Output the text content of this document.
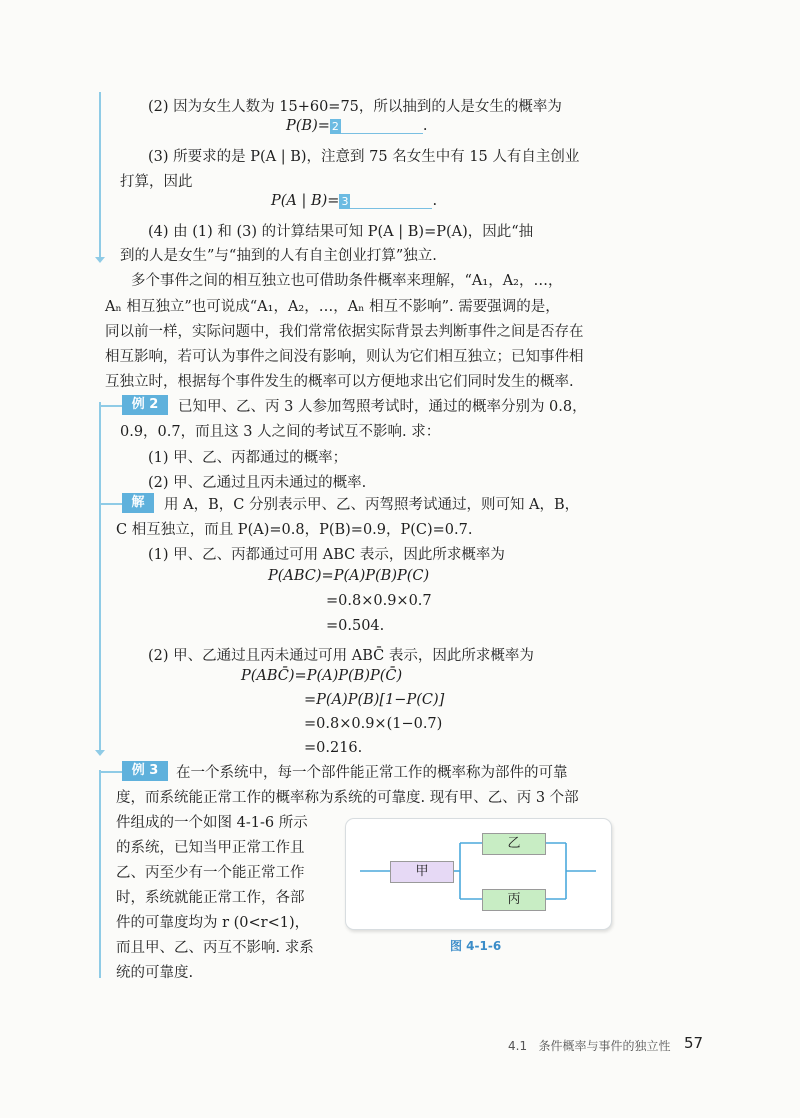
(2) 因为女生人数为 15+60=75，所以抽到的人是女生的概率为
P(B)= 2	.
(3) 所要求的是 P(A | B)，注意到 75 名女生中有 15 人有自主创业
打算，因此
P(A | B)= 3	.
(4) 由 (1) 和 (3) 的计算结果可知 P(A | B)=P(A)，因此“抽
到的人是女生”与“抽到的人有自主创业打算”独立.
多个事件之间的相互独立也可借助条件概率来理解，“A₁，A₂，…，
Aₙ 相互独立”也可说成“A₁，A₂，…，Aₙ 相互不影响”. 需要强调的是，
同以前一样，实际问题中，我们常常依据实际背景去判断事件之间是否存在
相互影响，若可认为事件之间没有影响，则认为它们相互独立；已知事件相
互独立时，根据每个事件发生的概率可以方便地求出它们同时发生的概率.
例 2	已知甲、乙、丙 3 人参加驾照考试时，通过的概率分别为 0.8，
0.9，0.7，而且这 3 人之间的考试互不影响. 求：
(1) 甲、乙、丙都通过的概率；
(2) 甲、乙通过且丙未通过的概率.
解	用 A，B，C 分别表示甲、乙、丙驾照考试通过，则可知 A，B，
C 相互独立，而且 P(A)=0.8，P(B)=0.9，P(C)=0.7.
(1) 甲、乙、丙都通过可用 ABC 表示，因此所求概率为
P(ABC)=P(A)P(B)P(C)
=0.8×0.9×0.7
=0.504.
(2) 甲、乙通过且丙未通过可用 ABC̄ 表示，因此所求概率为
P(ABC̄)=P(A)P(B)P(C̄)
=P(A)P(B)[1−P(C)]
=0.8×0.9×(1−0.7)
=0.216.
例 3	在一个系统中，每一个部件能正常工作的概率称为部件的可靠
度，而系统能正常工作的概率称为系统的可靠度. 现有甲、乙、丙 3 个部
件组成的一个如图 4-1-6 所示
的系统，已知当甲正常工作且
乙、丙至少有一个能正常工作
时，系统就能正常工作，各部
件的可靠度均为 r (0<r<1)，
而且甲、乙、丙互不影响. 求系
统的可靠度.
甲
乙
丙
图 4-1-6
4.1   条件概率与事件的独立性 57
